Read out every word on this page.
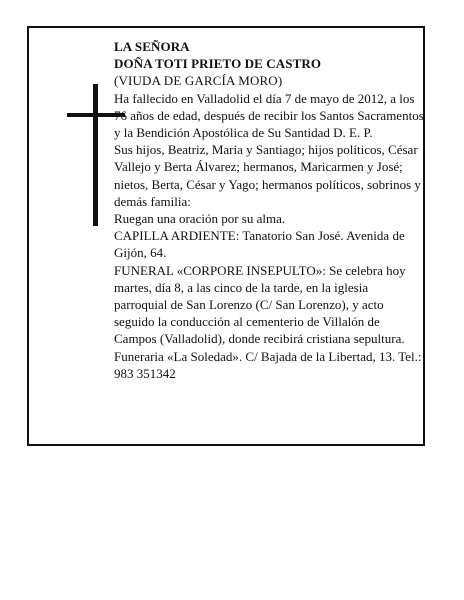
LA SEÑORA

DOÑA TOTI PRIETO DE CASTRO

(VIUDA DE GARCÍA MORO)

Ha fallecido en Valladolid el día 7 de mayo de 2012, a los 76 años de edad, después de recibir los Santos Sacramentos y la Bendición Apostólica de Su Santidad D. E. P.

Sus hijos, Beatriz, María y Santiago; hijos políticos, César Vallejo y Berta Álvarez; hermanos, Maricarmen y José; nietos, Berta, César y Yago; hermanos políticos, sobrinos y demás familia:

Ruegan una oración por su alma.

CAPILLA ARDIENTE: Tanatorio San José. Avenida de Gijón, 64.

FUNERAL «CORPORE INSEPULTO»: Se celebra hoy martes, día 8, a las cinco de la tarde, en la iglesia parroquial de San Lorenzo (C/ San Lorenzo), y acto seguido la conducción al cementerio de Villalón de Campos (Valladolid), donde recibirá cristiana sepultura.

Funeraria «La Soledad». C/ Bajada de la Libertad, 13. Tel.: 983 351342
